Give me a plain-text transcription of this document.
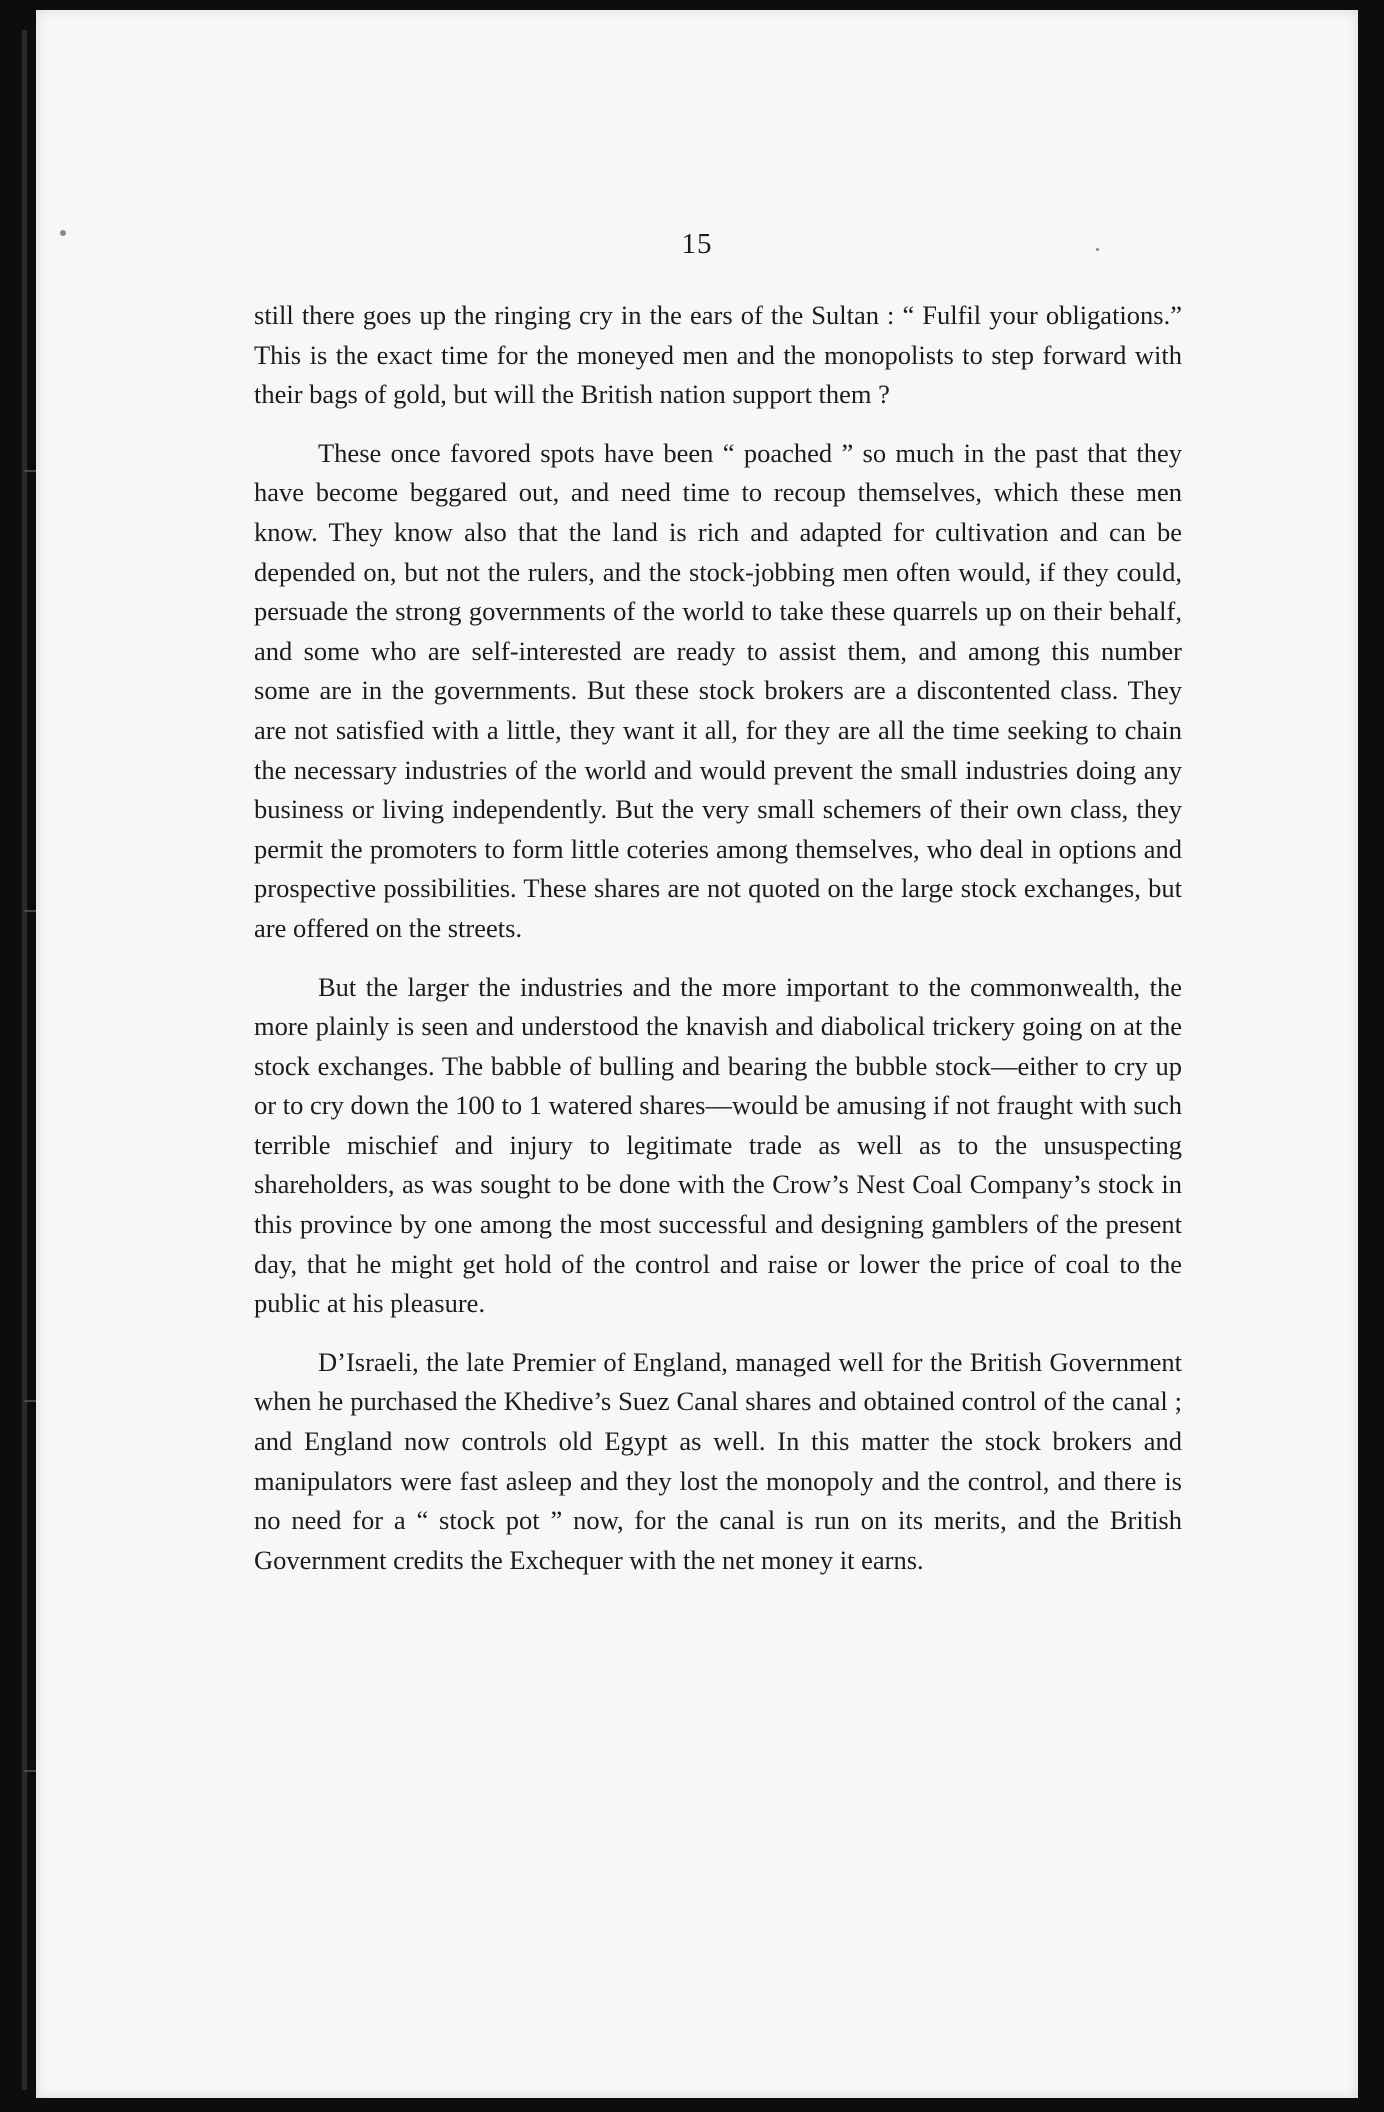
15

still there goes up the ringing cry in the ears of the Sultan : “ Fulfil your obligations.” This is the exact time for the moneyed men and the monopolists to step forward with their bags of gold, but will the British nation support them ?

These once favored spots have been “ poached ” so much in the past that they have become beggared out, and need time to recoup themselves, which these men know. They know also that the land is rich and adapted for cultivation and can be depended on, but not the rulers, and the stock-jobbing men often would, if they could, persuade the strong governments of the world to take these quarrels up on their behalf, and some who are self-interested are ready to assist them, and among this number some are in the governments. But these stock brokers are a discontented class. They are not satisfied with a little, they want it all, for they are all the time seeking to chain the necessary industries of the world and would prevent the small industries doing any business or living independently. But the very small schemers of their own class, they permit the promoters to form little coteries among themselves, who deal in options and prospective possibilities. These shares are not quoted on the large stock exchanges, but are offered on the streets.

But the larger the industries and the more important to the commonwealth, the more plainly is seen and understood the knavish and diabolical trickery going on at the stock exchanges. The babble of bulling and bearing the bubble stock—either to cry up or to cry down the 100 to 1 watered shares—would be amusing if not fraught with such terrible mischief and injury to legitimate trade as well as to the unsuspecting shareholders, as was sought to be done with the Crow’s Nest Coal Company’s stock in this province by one among the most successful and designing gamblers of the present day, that he might get hold of the control and raise or lower the price of coal to the public at his pleasure.

D’Israeli, the late Premier of England, managed well for the British Government when he purchased the Khedive’s Suez Canal shares and obtained control of the canal ; and England now controls old Egypt as well. In this matter the stock brokers and manipulators were fast asleep and they lost the monopoly and the control, and there is no need for a “ stock pot ” now, for the canal is run on its merits, and the British Government credits the Exchequer with the net money it earns.
